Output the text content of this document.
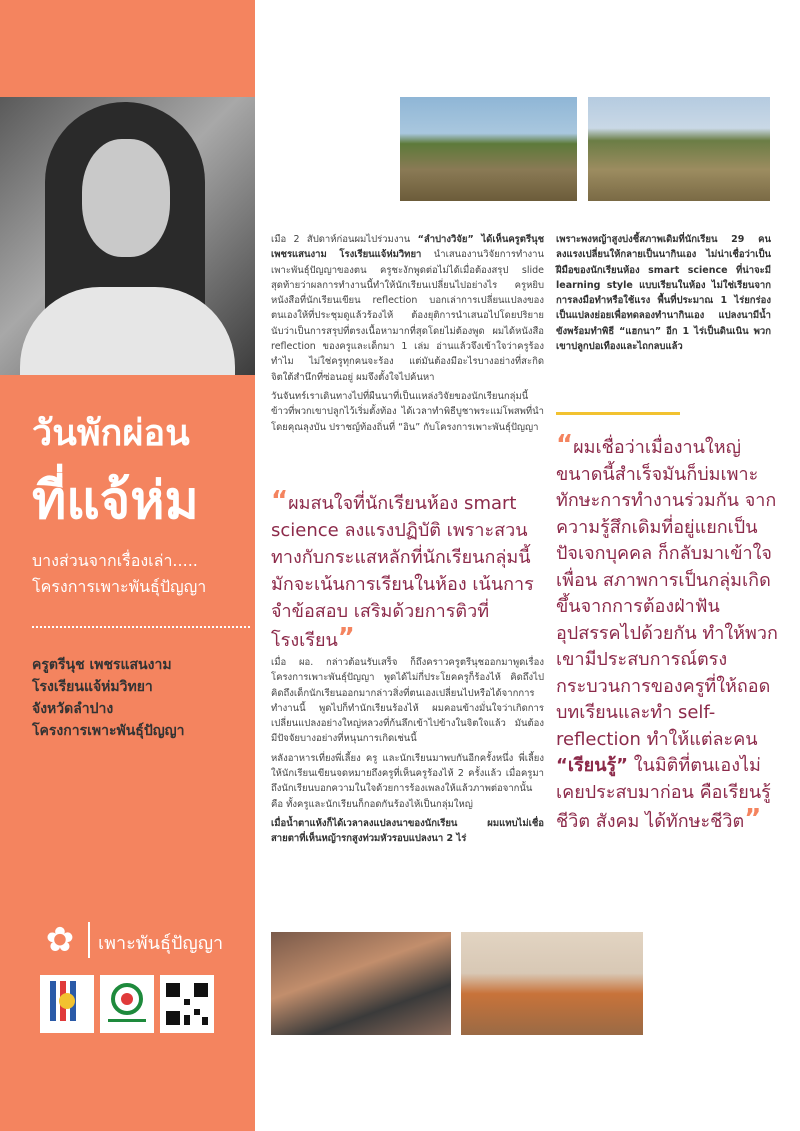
วันพักผ่อน
ที่แจ้ห่ม
บางส่วนจากเรื่องเล่า.....
โครงการเพาะพันธุ์ปัญญา
ครูตรีนุช เพชรแสนงาม
โรงเรียนแจ้ห่มวิทยา
จังหวัดลำปาง
โครงการเพาะพันธุ์ปัญญา
✿	เพาะพันธุ์ปัญญา

เมือ 2 สัปดาห์ก่อนผมไปร่วมงาน “ลำปางวิจัย” ได้เห็นครูตรีนุช เพชรแสนงาม โรงเรียนแจ้ห่มวิทยา นำเสนองานวิจัยการทำงานเพาะพันธุ์ปัญญาของตน ครูชะงักพูดต่อไม่ได้เมื่อต้องสรุป slide สุดท้ายว่าผลการทำงานนี้ทำให้นักเรียนเปลี่ยนไปอย่างไร ครูหยิบหนังสือที่นักเรียนเขียน reflection บอกเล่าการเปลี่ยนแปลงของตนเองให้ที่ประชุมดูแล้วร้องไห้ ต้องยุติการนำเสนอไปโดยปริยาย นับว่าเป็นการสรุปที่ตรงเนื้อหามากที่สุดโดยไม่ต้องพูด ผมได้หนังสือ reflection ของครูและเด็กมา 1 เล่ม อ่านแล้วจึงเข้าใจว่าครูร้องทำไม ไม่ใช่ครูทุกคนจะร้อง แต่มันต้องมีอะไรบางอย่างที่สะกิดจิตใต้สำนึกที่ซ่อนอยู่ ผมจึงตั้งใจไปค้นหา

วันจันทร์เราเดินทางไปที่ผืนนาที่เป็นแหล่งวิจัยของนักเรียนกลุ่มนี้ ข้าวที่พวกเขาปลูกไว้เริ่มตั้งท้อง ได้เวลาทำพิธีบูชาพระแม่โพสพที่นำโดยคุณลุงบัน ปราชญ์ท้องถิ่นที่ “อิน” กับโครงการเพาะพันธุ์ปัญญา

“ผมสนใจที่นักเรียนห้อง smart science ลงแรงปฏิบัติ เพราะสวนทางกับกระแสหลักที่นักเรียนกลุ่มนี้มักจะเน้นการเรียนในห้อง เน้นการจำข้อสอบ เสริมด้วยการติวที่โรงเรียน”

เมื่อ ผอ. กล่าวต้อนรับเสร็จ ก็ถึงคราวครูตรีนุชออกมาพูดเรื่องโครงการเพาะพันธุ์ปัญญา พูดได้ไม่กี่ประโยคครูก็ร้องไห้ คิดถึงไปคิดถึงเด็กนักเรียนออกมากล่าวสิ่งที่ตนเองเปลี่ยนไปหรือได้จากการทำงานนี้ พูดไปก็ทำนักเรียนร้องไห้ ผมคอนข้างมั่นใจว่าเกิดการเปลี่ยนแปลงอย่างใหญ่หลวงที่ก้นลึกเข้าไปข้างในจิตใจแล้ว มันต้องมีปัจจัยบางอย่างที่หนุนการเกิดเช่นนี้

หลังอาหารเที่ยงพี่เลี้ยง ครู และนักเรียนมาพบกันอีกครั้งหนึ่ง พี่เลี้ยงให้นักเรียนเขียนจดหมายถึงครูที่เห็นครูร้องไห้ 2 ครั้งแล้ว เมื่อครูมาถึงนักเรียนบอกความในใจด้วยการร้องเพลงให้แล้วภาพต่อจากนั้นคือ ทั้งครูและนักเรียนก็กอดกันร้องไห้เป็นกลุ่มใหญ่

เมื่อน้ำตาแห้งก็ได้เวลาลงแปลงนาของนักเรียน ผมแทบไม่เชื่อสายตาที่เห็นหญ้ารกสูงท่วมหัวรอบแปลงนา 2 ไร่

เพราะพงหญ้าสูงบ่งชี้สภาพเดิมที่นักเรียน 29 คนลงแรงเปลี่ยนให้กลายเป็นนากินเอง ไม่น่าเชื่อว่าเป็นฝีมือของนักเรียนห้อง smart science ที่น่าจะมี learning style แบบเรียนในห้อง ไม่ใช่เรียนจากการลงมือทำหรือใช้แรง พื้นที่ประมาณ 1 ไร่ยกร่องเป็นแปลงย่อยเพื่อทดลองทำนากินเอง แปลงนามีน้ำขังพร้อมทำพิธี “แฮกนา” อีก 1 ไร่เป็นดินเนิน พวกเขาปลูกปอเทืองและไถกลบแล้ว

“ผมเชื่อว่าเมื่องานใหญ่ขนาดนี้สำเร็จมันก็บ่มเพาะทักษะการทำงานร่วมกัน จากความรู้สึกเดิมที่อยู่แยกเป็นปัจเจกบุคคล ก็กลับมาเข้าใจเพื่อน สภาพการเป็นกลุ่มเกิดขึ้นจากการต้องฝ่าฟันอุปสรรคไปด้วยกัน ทำให้พวกเขามีประสบการณ์ตรงกระบวนการของครูที่ให้ถอดบทเรียนและทำ self-reflection ทำให้แต่ละคน “เรียนรู้” ในมิติที่ตนเองไม่เคยประสบมาก่อน คือเรียนรู้ชีวิต สังคม ได้ทักษะชีวิต”
